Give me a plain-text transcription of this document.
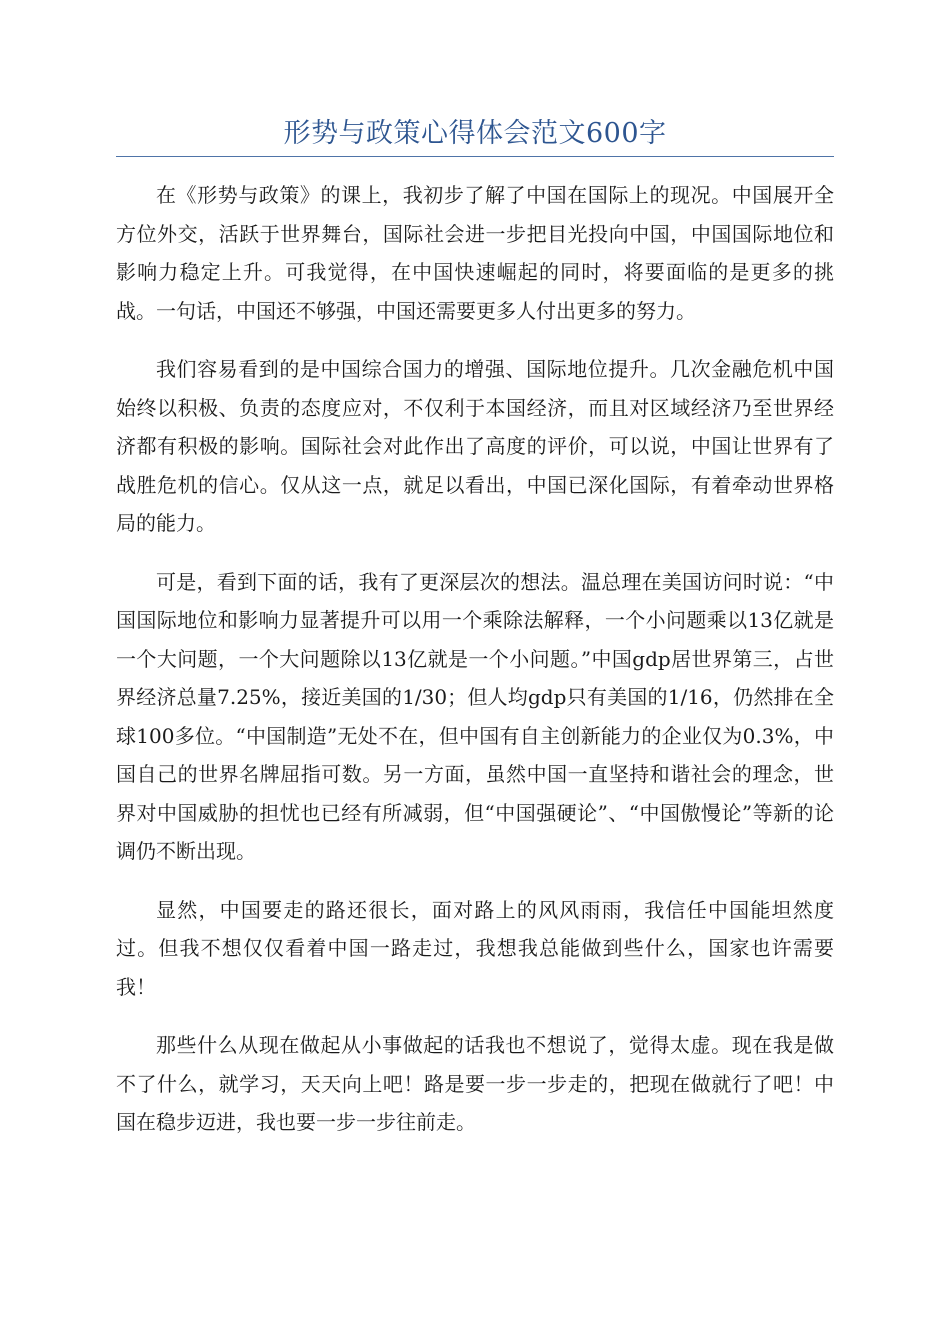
形势与政策心得体会范文600字

在《形势与政策》的课上，我初步了解了中国在国际上的现况。中国展开全方位外交，活跃于世界舞台，国际社会进一步把目光投向中国，中国国际地位和影响力稳定上升。可我觉得，在中国快速崛起的同时，将要面临的是更多的挑战。一句话，中国还不够强，中国还需要更多人付出更多的努力。

我们容易看到的是中国综合国力的增强、国际地位提升。几次金融危机中国始终以积极、负责的态度应对，不仅利于本国经济，而且对区域经济乃至世界经济都有积极的影响。国际社会对此作出了高度的评价，可以说，中国让世界有了战胜危机的信心。仅从这一点，就足以看出，中国已深化国际，有着牵动世界格局的能力。

可是，看到下面的话，我有了更深层次的想法。温总理在美国访问时说：“中国国际地位和影响力显著提升可以用一个乘除法解释，一个小问题乘以13亿就是一个大问题，一个大问题除以13亿就是一个小问题。”中国gdp居世界第三，占世界经济总量7.25%，接近美国的1/30；但人均gdp只有美国的1/16，仍然排在全球100多位。“中国制造”无处不在，但中国有自主创新能力的企业仅为0.3%，中国自己的世界名牌屈指可数。另一方面，虽然中国一直坚持和谐社会的理念，世界对中国威胁的担忧也已经有所减弱，但“中国强硬论”、“中国傲慢论”等新的论调仍不断出现。

显然，中国要走的路还很长，面对路上的风风雨雨，我信任中国能坦然度过。但我不想仅仅看着中国一路走过，我想我总能做到些什么，国家也许需要我！

那些什么从现在做起从小事做起的话我也不想说了，觉得太虚。现在我是做不了什么，就学习，天天向上吧！路是要一步一步走的，把现在做就行了吧！中国在稳步迈进，我也要一步一步往前走。
